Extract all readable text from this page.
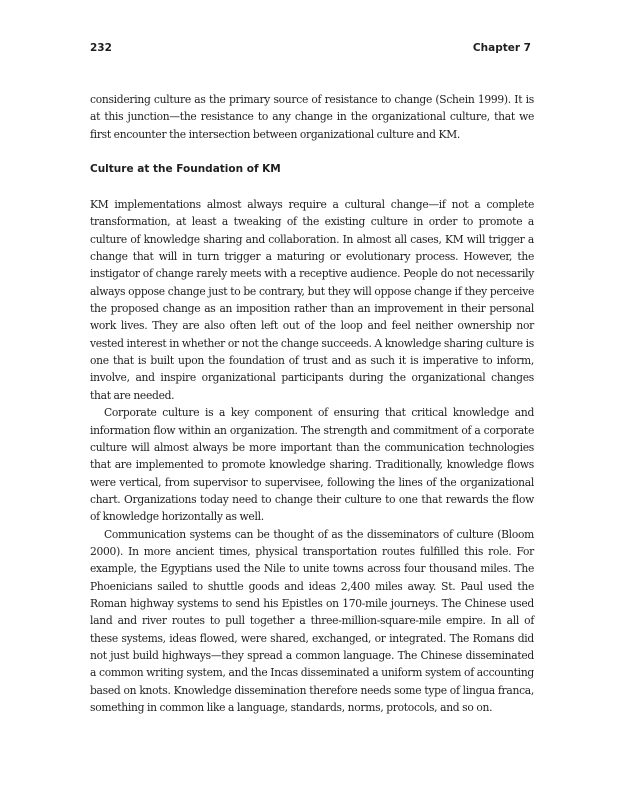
232	Chapter 7

considering culture as the primary source of resistance to change (Schein 1999). It is at this junction—the resistance to any change in the organizational culture, that we first encounter the intersection between organizational culture and KM.

Culture at the Foundation of KM

KM implementations almost always require a cultural change—if not a complete transformation, at least a tweaking of the existing culture in order to promote a culture of knowledge sharing and collaboration. In almost all cases, KM will trigger a change that will in turn trigger a maturing or evolutionary process. However, the instigator of change rarely meets with a receptive audience. People do not necessarily always oppose change just to be contrary, but they will oppose change if they perceive the proposed change as an imposition rather than an improvement in their personal work lives. They are also often left out of the loop and feel neither ownership nor vested interest in whether or not the change succeeds. A knowledge sharing culture is one that is built upon the foundation of trust and as such it is imperative to inform, involve, and inspire organizational participants during the organizational changes that are needed.

Corporate culture is a key component of ensuring that critical knowledge and information flow within an organization. The strength and commitment of a corporate culture will almost always be more important than the communication technologies that are implemented to promote knowledge sharing. Traditionally, knowledge flows were vertical, from supervisor to supervisee, following the lines of the organizational chart. Organizations today need to change their culture to one that rewards the flow of knowledge horizontally as well.

Communication systems can be thought of as the disseminators of culture (Bloom 2000). In more ancient times, physical transportation routes fulfilled this role. For example, the Egyptians used the Nile to unite towns across four thousand miles. The Phoenicians sailed to shuttle goods and ideas 2,400 miles away. St. Paul used the Roman highway systems to send his Epistles on 170-mile journeys. The Chinese used land and river routes to pull together a three-million-square-mile empire. In all of these systems, ideas flowed, were shared, exchanged, or integrated. The Romans did not just build highways—they spread a common language. The Chinese disseminated a common writing system, and the Incas disseminated a uniform system of accounting based on knots. Knowledge dissemination therefore needs some type of lingua franca, something in common like a language, standards, norms, protocols, and so on.
